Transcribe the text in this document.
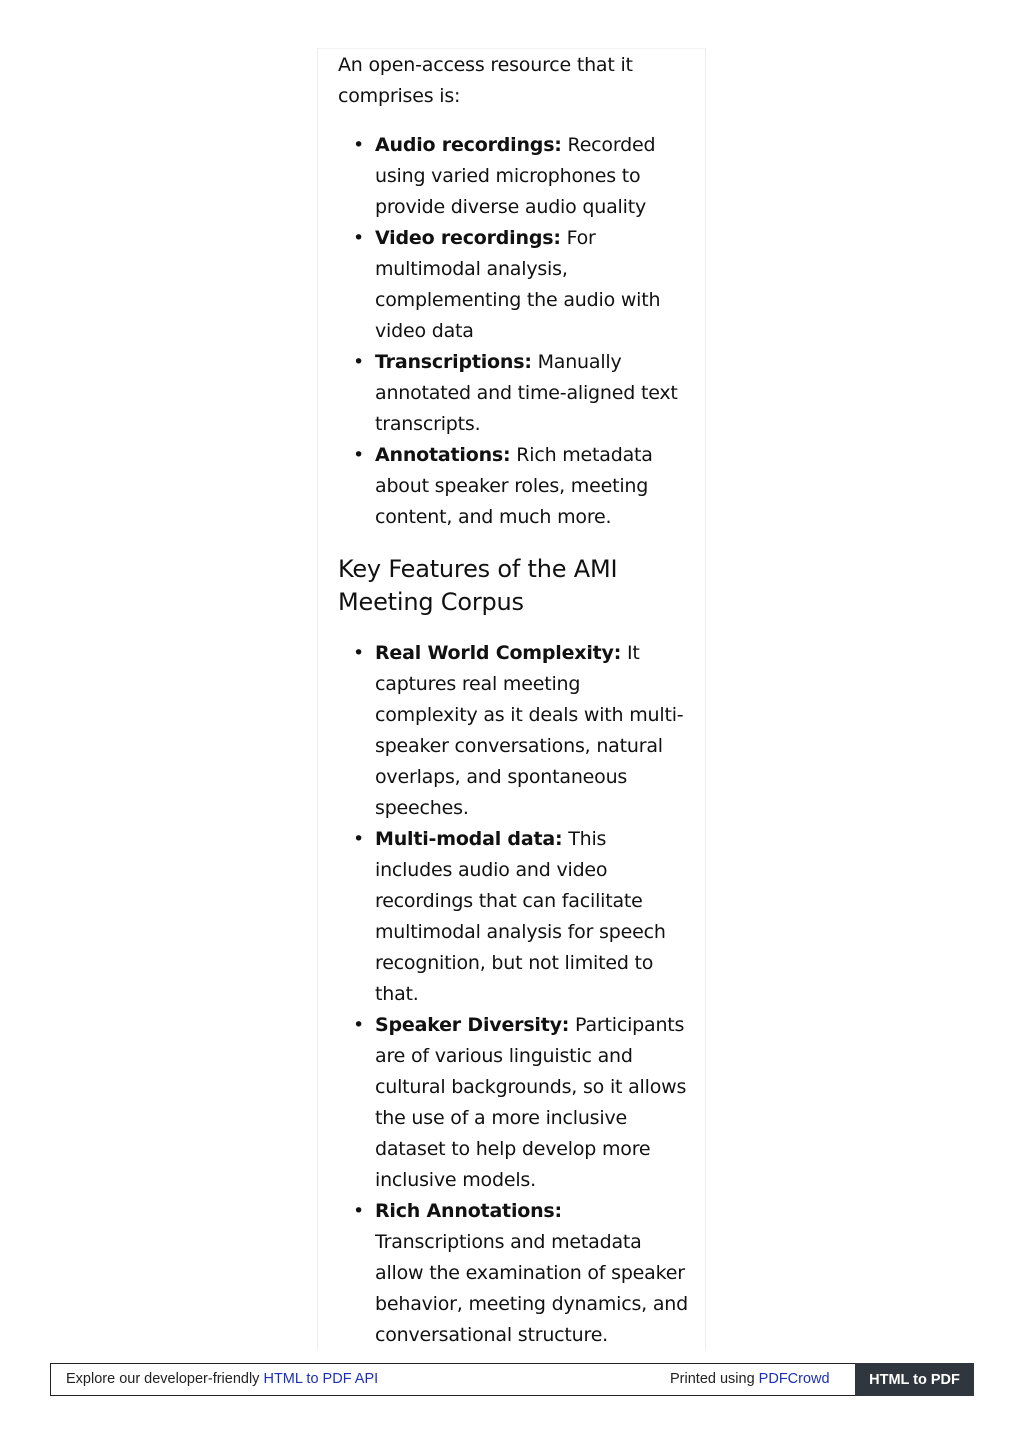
An open-access resource that it comprises is:

• Audio recordings: Recorded using varied microphones to provide diverse audio quality
• Video recordings: For multimodal analysis, complementing the audio with video data
• Transcriptions: Manually annotated and time-aligned text transcripts.
• Annotations: Rich metadata about speaker roles, meeting content, and much more.
Key Features of the AMI Meeting Corpus
• Real World Complexity: It captures real meeting complexity as it deals with multi-speaker conversations, natural overlaps, and spontaneous speeches.
• Multi-modal data: This includes audio and video recordings that can facilitate multimodal analysis for speech recognition, but not limited to that.
• Speaker Diversity: Participants are of various linguistic and cultural backgrounds, so it allows the use of a more inclusive dataset to help develop more inclusive models.
• Rich Annotations: Transcriptions and metadata allow the examination of speaker behavior, meeting dynamics, and conversational structure.
Explore our developer-friendly HTML to PDF API	Printed using PDFCrowd	HTML to PDF
